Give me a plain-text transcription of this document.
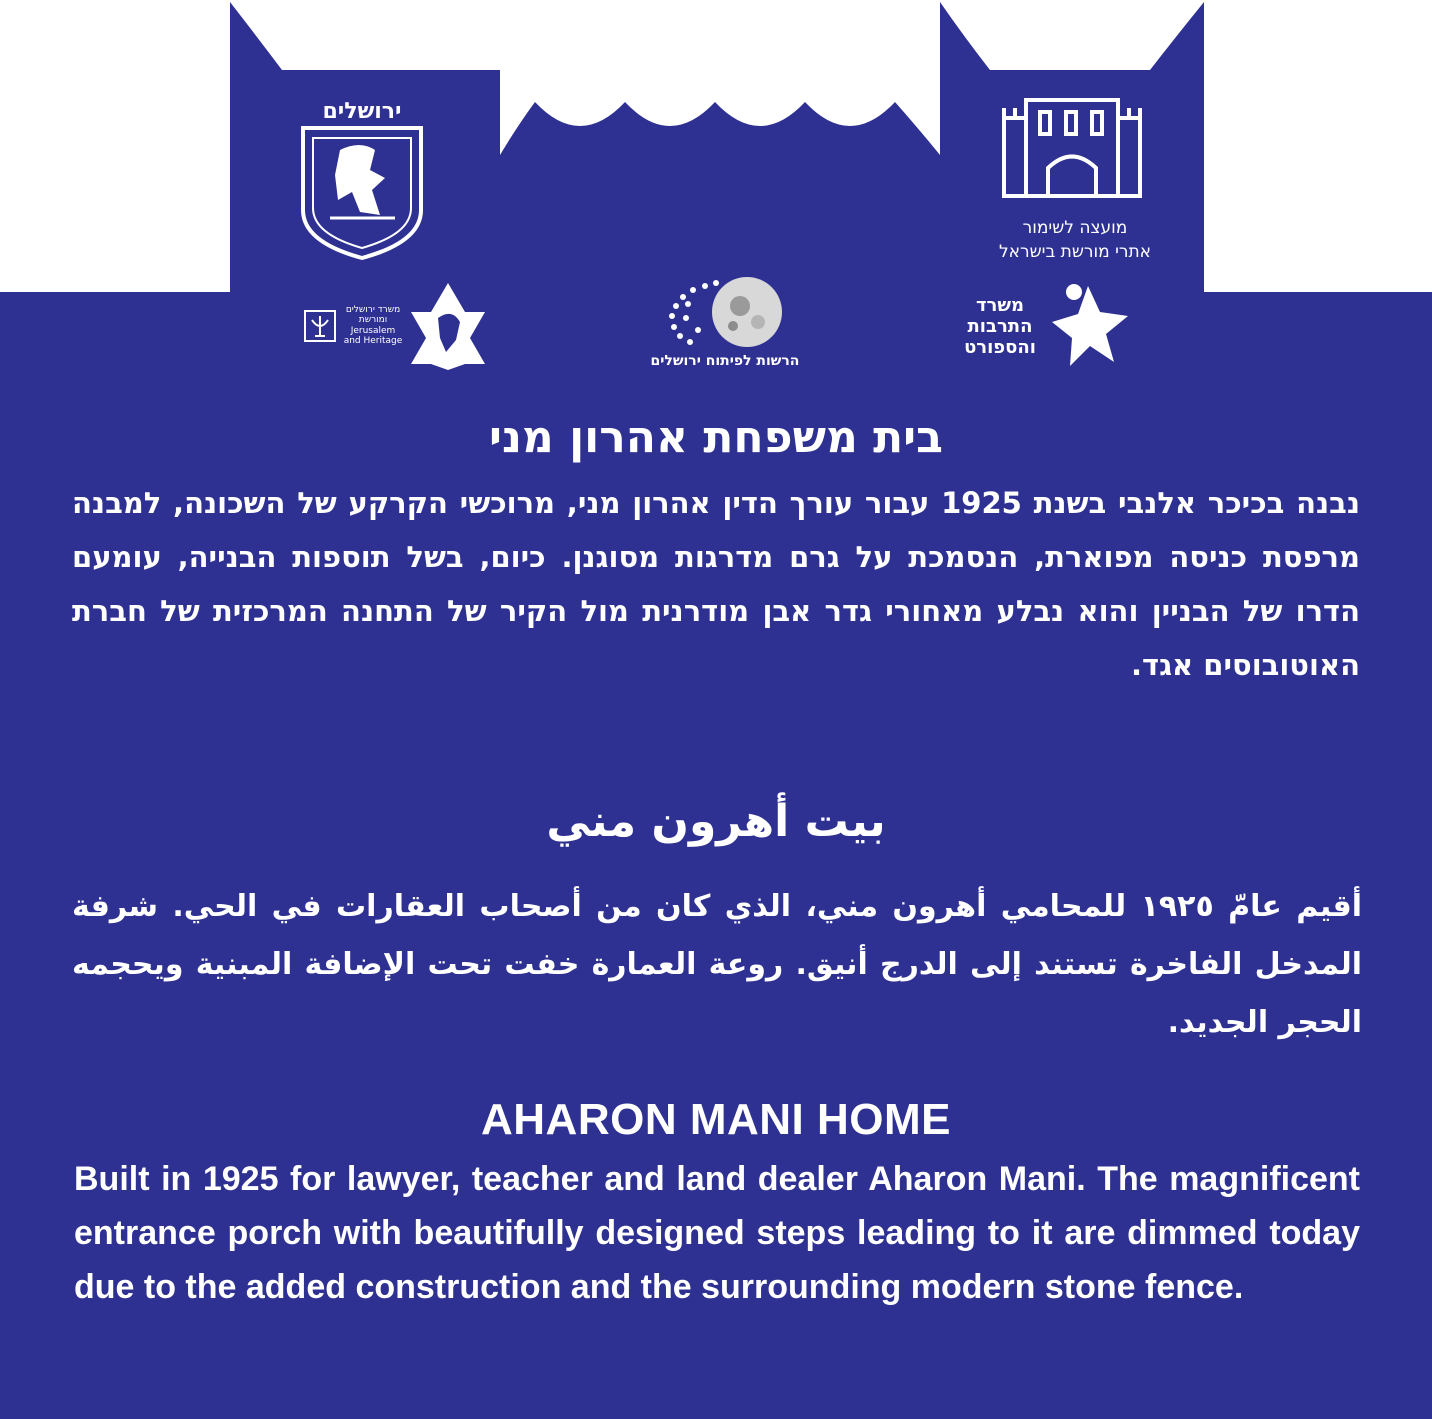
ירושלים
מועצה לשימור
אתרי מורשת בישראל
משרד ירושלים ומורשת
Jerusalem
and Heritage
הרשות לפיתוח ירושלים
משרד
התרבות
והספורט
בית משפחת אהרון מני
נבנה בכיכר אלנבי בשנת 1925 עבור עורך הדין אהרון מני, מרוכשי הקרקע של השכונה, למבנה מרפסת כניסה מפוארת, הנסמכת על גרם מדרגות מסוגנן. כיום, בשל תוספות הבנייה, עומעם הדרו של הבניין והוא נבלע מאחורי גדר אבן מודרנית מול הקיר של התחנה המרכזית של חברת האוטובוסים אגד.
بيت أهرون مني
أقيم عامّ ١٩٢٥ للمحامي أهرون مني، الذي كان من أصحاب العقارات في الحي. شرفة المدخل الفاخرة تستند إلى الدرج أنيق. روعة العمارة خفت تحت الإضافة المبنية ويحجمه الحجر الجديد.
AHARON MANI HOME
Built in 1925 for lawyer, teacher and land dealer Aharon Mani. The magnificent entrance porch with beautifully designed steps leading to it are dimmed today due to the added construction and the surrounding modern stone fence.
